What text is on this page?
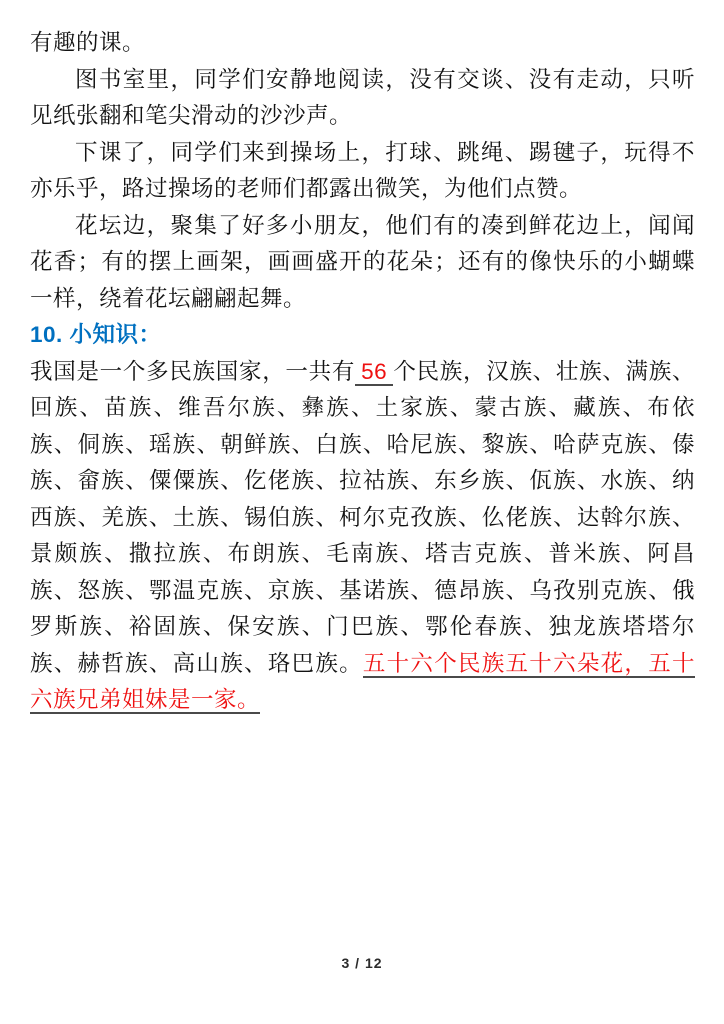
有趣的课。

图书室里，同学们安静地阅读，没有交谈、没有走动，只听见纸张翻和笔尖滑动的沙沙声。

下课了，同学们来到操场上，打球、跳绳、踢毽子，玩得不亦乐乎，路过操场的老师们都露出微笑，为他们点赞。

花坛边，聚集了好多小朋友，他们有的凑到鲜花边上，闻闻花香；有的摆上画架，画画盛开的花朵；还有的像快乐的小蝴蝶一样，绕着花坛翩翩起舞。

10. 小知识：

我国是一个多民族国家，一共有 56 个民族，汉族、壮族、满族、回族、苗族、维吾尔族、彝族、土家族、蒙古族、藏族、布依族、侗族、瑶族、朝鲜族、白族、哈尼族、黎族、哈萨克族、傣族、畲族、僳僳族、仡佬族、拉祜族、东乡族、佤族、水族、纳西族、羌族、土族、锡伯族、柯尔克孜族、仫佬族、达斡尔族、景颇族、撒拉族、布朗族、毛南族、塔吉克族、普米族、阿昌族、怒族、鄂温克族、京族、基诺族、德昂族、乌孜别克族、俄罗斯族、裕固族、保安族、门巴族、鄂伦春族、独龙族塔塔尔族、赫哲族、高山族、珞巴族。五十六个民族五十六朵花，五十六族兄弟姐妹是一家。

3 / 12
